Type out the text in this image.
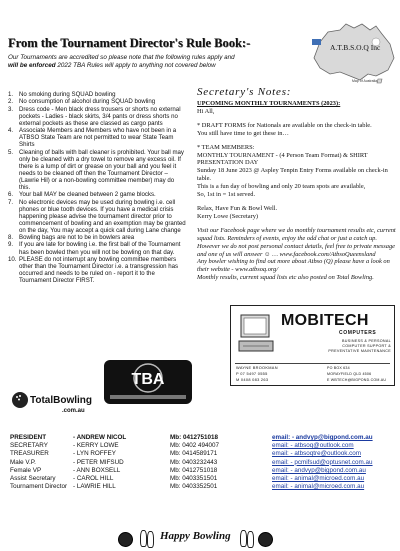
From the Tournament Director's Rule Book:-
Our Tournaments are accredited so please note that the following rules apply and will be enforced 2022 TBA Rules will apply to anything not covered below
A.T.B.S.O.Q Inc
Map of Australia
1. No smoking during SQUAD bowling
2. No consumption of alcohol during SQUAD bowling
3. Dress code - Men black dress trousers or shorts no external pockets - Ladies - black skirts, 3/4 pants or dress shorts no external pockets as these are classed as cargo pants
4. Associate Members and Members who have not been in a ATBSO State Team are not permitted to wear State Team Shirts
5. Cleaning of balls with ball cleaner is prohibited. Your ball may only be cleaned with a dry towel to remove any excess oil. If there is a lump of dirt or grease on your ball and you feel it needs to be cleaned off then the Tournament Director – (Lawrie Hil) or a non-bowling committee member) may do this.
6. Your ball MAY be cleaned between 2 game blocks.
7. No electronic devices may be used during bowling i.e. cell phones or blue tooth devices. If you have a medical crisis happening please advise the tournament director prior to commencement of bowling and an exemption may be granted on the day, You may accept a quick call during Lane change
8. Bowling bags are not to be in bowlers area
9. If you are late for bowling i.e. the first ball of the Tournament has been bowled then you will not be bowling on that day.
10. PLEASE do not interrupt any bowling committee members other than the Tournament Director i.e. a transgression has occurred and needs to be ruled on - report it to the Tournament Director FIRST.
Secretary's Notes:

UPCOMING MONTHLY TOURNAMENTS (2023):

Hi All,

* DRAFT FORMS for Nationals are available on the check-in table.

You still have time to get these in…

* TEAM MEMBERS:

MONTHLY TOURNAMENT - (4 Person Team Format) & SHIRT PRESENTATION DAY

Sunday 18 June 2023 @ Aspley Tenpin Entry Forms available on check-in table.

This is a fun day of bowling and only 20 team spots are available,

So, 1st in = 1st served.

Relax, Have Fun & Bowl Well.

Kerry Lowe (Secretary)

Visit our Facebook page where we do monthly tournament results etc, current squad lists. Reminders of events, enjoy the odd chat or just a catch up. However we do not post personal contact details, feel free to private message and one of us will answer ☺ … www.facebook.com/AtbsoQueensland

Any bowler wishing to find out more about Atbso (Q) please have a look on their website - www.atbsoq.org/

Monthly results, current squad lists etc also posted on Total Bowling.

MOBITECH
COMPUTERS
BUSINESS & PERSONAL
COMPUTER SUPPORT &
PREVENTATIVE MAINTENANCE
WAYNE BROOKMAN
P 07 5497 0555
M 0408 083 263
PO BOX 634
MORAYFIELD QLD 4506
E WBTECH@BIGPOND.COM.AU
TotalBowling
.com.au
TBA
PRESIDENT	- ANDREW NICOL	Mb: 0412751018	email: - andvyp@bigpond.com.au
SECRETARY	- KERRY LOWE	Mb: 0402 494007	email: - atbsoq@outlook.com
TREASURER	- LYN ROFFEY	Mb: 0414589171	email: - atbsoqtre@outlook.com
Male V.P.	- PETER MIFSUD	Mb: 0403232443	email: - pcmifsud@optusnet.com.au
Female VP	- ANN BOXSELL	Mb: 0412751018	email: - andvyp@bigpond.com.au
Assist Secretary	- CAROL HILL	Mb: 0403351501	email: - animal@microed.com.au
Tournament Director	- LAWRIE HILL	Mb: 0403352501	email: - animal@microed.com.au
Happy Bowling
